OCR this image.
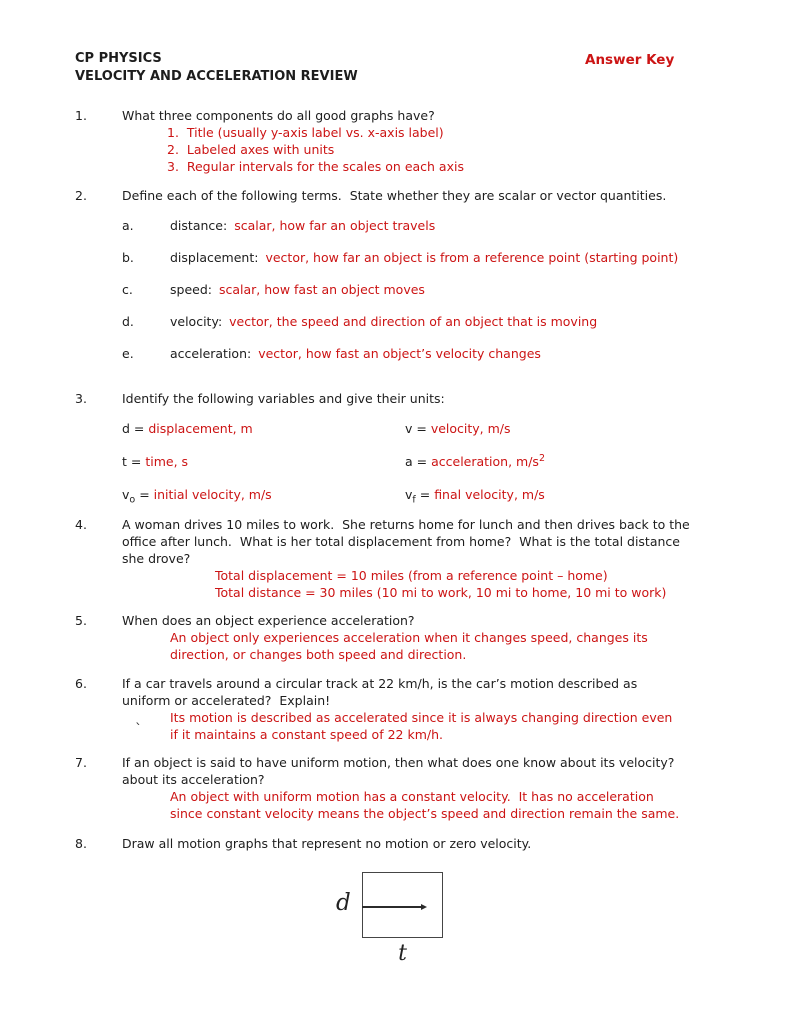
CP PHYSICS
VELOCITY AND ACCELERATION REVIEW
Answer Key
1.	What three components do all good graphs have?
1.  Title (usually y-axis label vs. x-axis label)
2.  Labeled axes with units
3.  Regular intervals for the scales on each axis
2.	Define each of the following terms.  State whether they are scalar or vector quantities.
a.	distance: scalar, how far an object travels
b.	displacement: vector, how far an object is from a reference point (starting point)
c.	speed: scalar, how fast an object moves
d.	velocity: vector, the speed and direction of an object that is moving
e.	acceleration: vector, how fast an object’s velocity changes
3.	Identify the following variables and give their units:
d = displacement, m	v = velocity, m/s
t = time, s	a = acceleration, $m/s^2$
$v_o$ = initial velocity, m/s	$v_f$ = final velocity, m/s
4.	A woman drives 10 miles to work.  She returns home for lunch and then drives back to the
office after lunch.  What is her total displacement from home?  What is the total distance
she drove?
Total displacement = 10 miles (from a reference point – home)
Total distance = 30 miles (10 mi to work, 10 mi to home, 10 mi to work)
5.	When does an object experience acceleration?
An object only experiences acceleration when it changes speed, changes its
direction, or changes both speed and direction.
6.	If a car travels around a circular track at 22 km/h, is the car’s motion described as
uniform or accelerated?  Explain!
Its motion is described as accelerated since it is always changing direction even
` if it maintains a constant speed of 22 km/h.
7.	If an object is said to have uniform motion, then what does one know about its velocity?
about its acceleration?
An object with uniform motion has a constant velocity.  It has no acceleration
since constant velocity means the object’s speed and direction remain the same.
8.	Draw all motion graphs that represent no motion or zero velocity.
d
t
